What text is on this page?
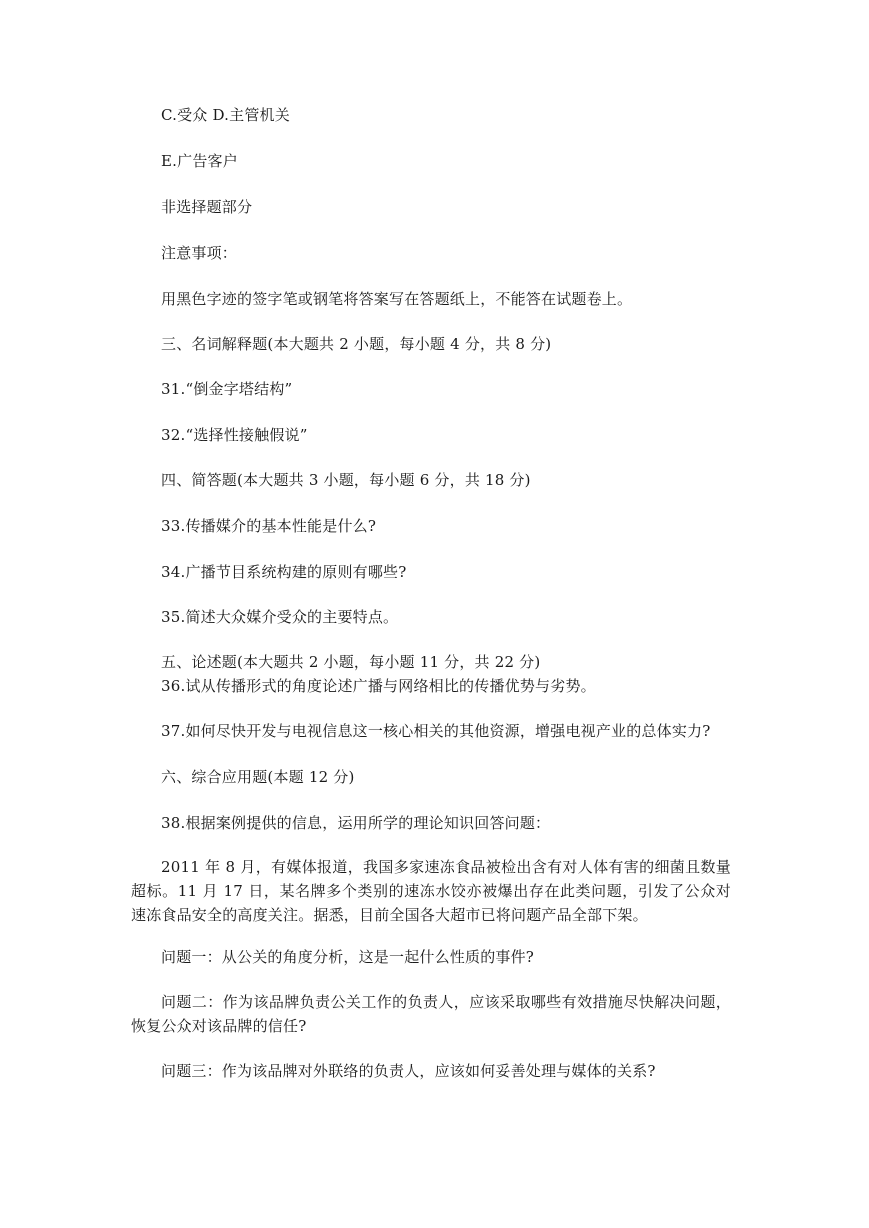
C.受众 D.主管机关
E.广告客户
非选择题部分
注意事项：
用黑色字迹的签字笔或钢笔将答案写在答题纸上，不能答在试题卷上。
三、名词解释题(本大题共 2 小题，每小题 4 分，共 8 分)
31.“倒金字塔结构”
32.“选择性接触假说”
四、简答题(本大题共 3 小题，每小题 6 分，共 18 分)
33.传播媒介的基本性能是什么?
34.广播节目系统构建的原则有哪些?
35.简述大众媒介受众的主要特点。
五、论述题(本大题共 2 小题，每小题 11 分，共 22 分)
36.试从传播形式的角度论述广播与网络相比的传播优势与劣势。
37.如何尽快开发与电视信息这一核心相关的其他资源，增强电视产业的总体实力?
六、综合应用题(本题 12 分)
38.根据案例提供的信息，运用所学的理论知识回答问题：
2011 年 8 月，有媒体报道，我国多家速冻食品被检出含有对人体有害的细菌且数量超标。11 月 17 日，某名牌多个类别的速冻水饺亦被爆出存在此类问题，引发了公众对速冻食品安全的高度关注。据悉，目前全国各大超市已将问题产品全部下架。
问题一：从公关的角度分析，这是一起什么性质的事件?
问题二：作为该品牌负责公关工作的负责人，应该采取哪些有效措施尽快解决问题，恢复公众对该品牌的信任?
问题三：作为该品牌对外联络的负责人，应该如何妥善处理与媒体的关系?
